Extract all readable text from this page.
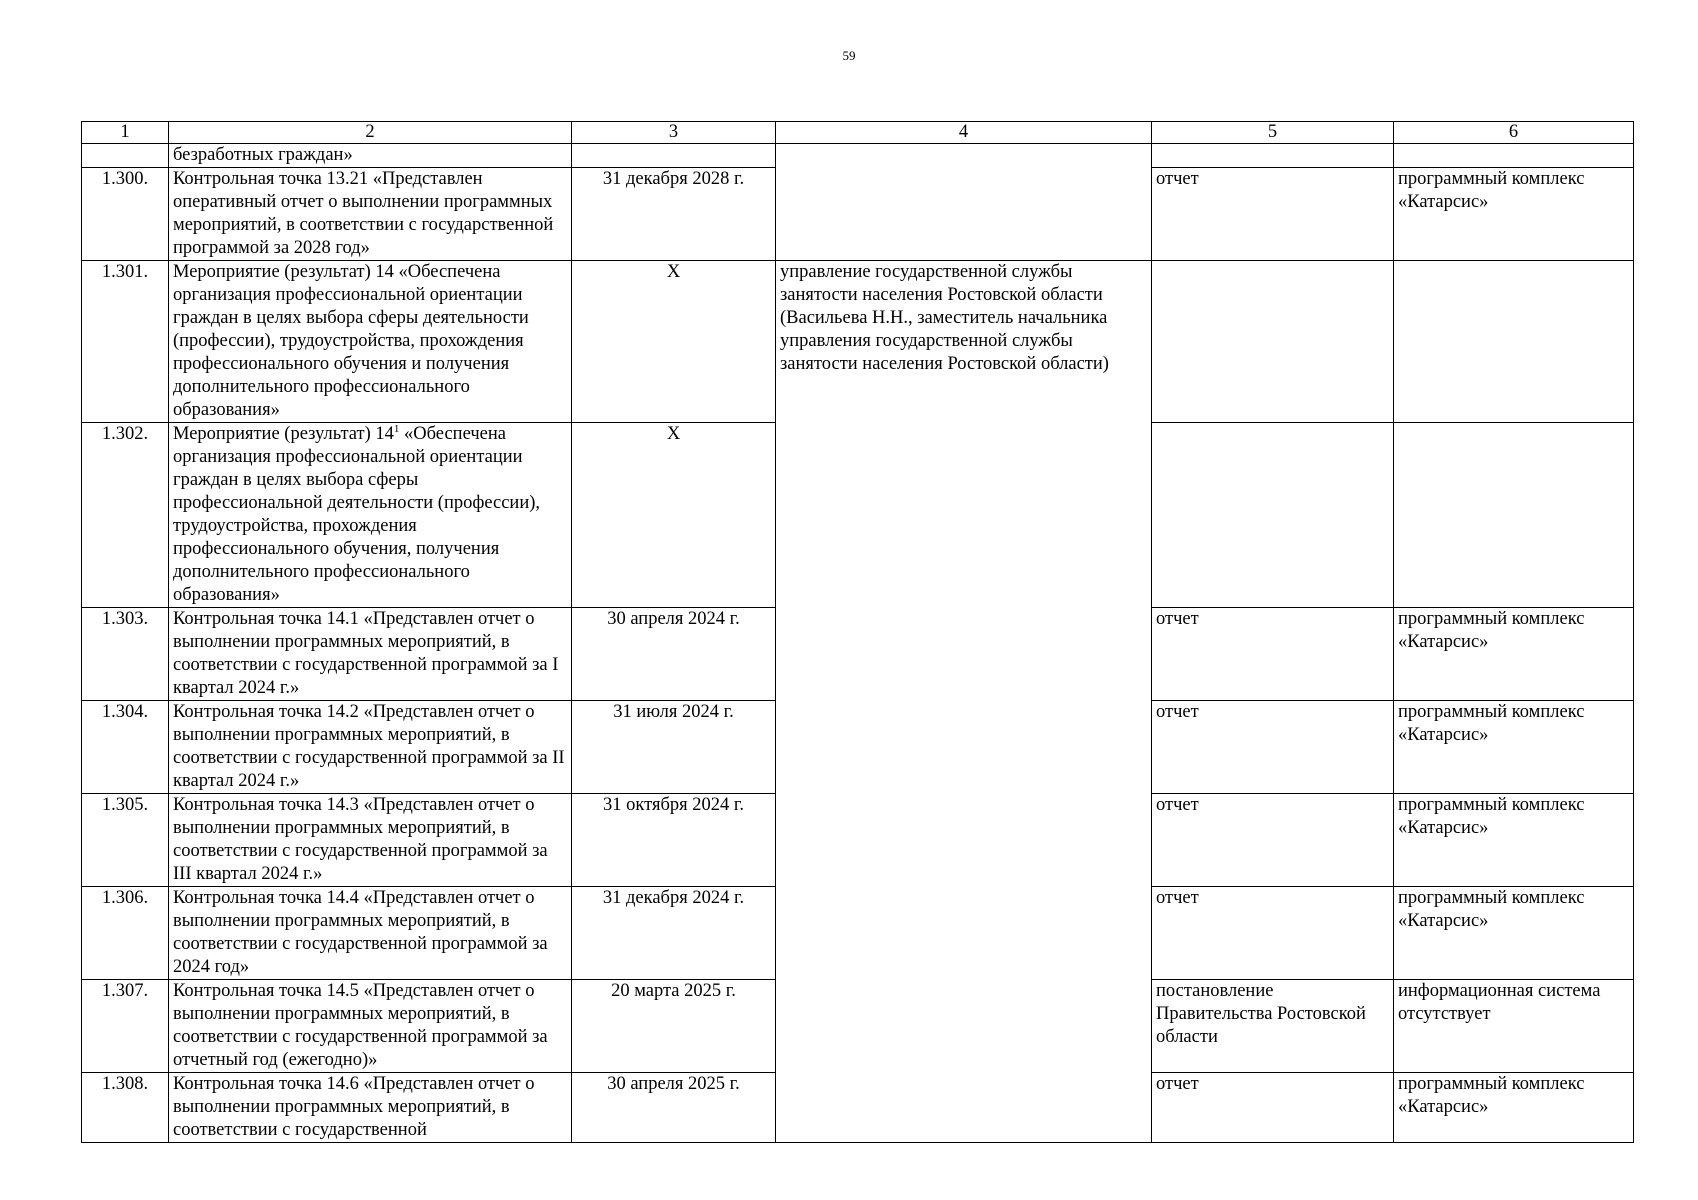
59
1	2	3	4	5	6
	безработных граждан»				
1.300.	Контрольная точка 13.21 «Представлен оперативный отчет о выполнении программных мероприятий, в соответствии с государственной программой за 2028 год»	31 декабря 2028 г.		отчет	программный комплекс «Катарсис»
1.301.	Мероприятие (результат) 14 «Обеспечена организация профессиональной ориентации граждан в целях выбора сферы деятельности (профессии), трудоустройства, прохождения профессионального обучения и получения дополнительного профессионального образования»	Х	управление государственной службы занятости населения Ростовской области (Васильева Н.Н., заместитель начальника управления государственной службы занятости населения Ростовской области)		
1.302.	Мероприятие (результат) $14^1$ «Обеспечена организация профессиональной ориентации граждан в целях выбора сферы профессиональной деятельности (профессии), трудоустройства, прохождения профессионального обучения, получения дополнительного профессионального образования»	Х			
1.303.	Контрольная точка 14.1 «Представлен отчет о выполнении программных мероприятий, в соответствии с государственной программой за I квартал 2024 г.»	30 апреля 2024 г.		отчет	программный комплекс «Катарсис»
1.304.	Контрольная точка 14.2 «Представлен отчет о выполнении программных мероприятий, в соответствии с государственной программой за II квартал 2024 г.»	31 июля 2024 г.		отчет	программный комплекс «Катарсис»
1.305.	Контрольная точка 14.3 «Представлен отчет о выполнении программных мероприятий, в соответствии с государственной программой за III квартал 2024 г.»	31 октября 2024 г.		отчет	программный комплекс «Катарсис»
1.306.	Контрольная точка 14.4 «Представлен отчет о выполнении программных мероприятий, в соответствии с государственной программой за 2024 год»	31 декабря 2024 г.		отчет	программный комплекс «Катарсис»
1.307.	Контрольная точка 14.5 «Представлен отчет о выполнении программных мероприятий, в соответствии с государственной программой за отчетный год (ежегодно)»	20 марта 2025 г.		постановление Правительства Ростовской области	информационная система отсутствует
1.308.	Контрольная точка 14.6 «Представлен отчет о выполнении программных мероприятий, в соответствии с государственной	30 апреля 2025 г.		отчет	программный комплекс «Катарсис»
